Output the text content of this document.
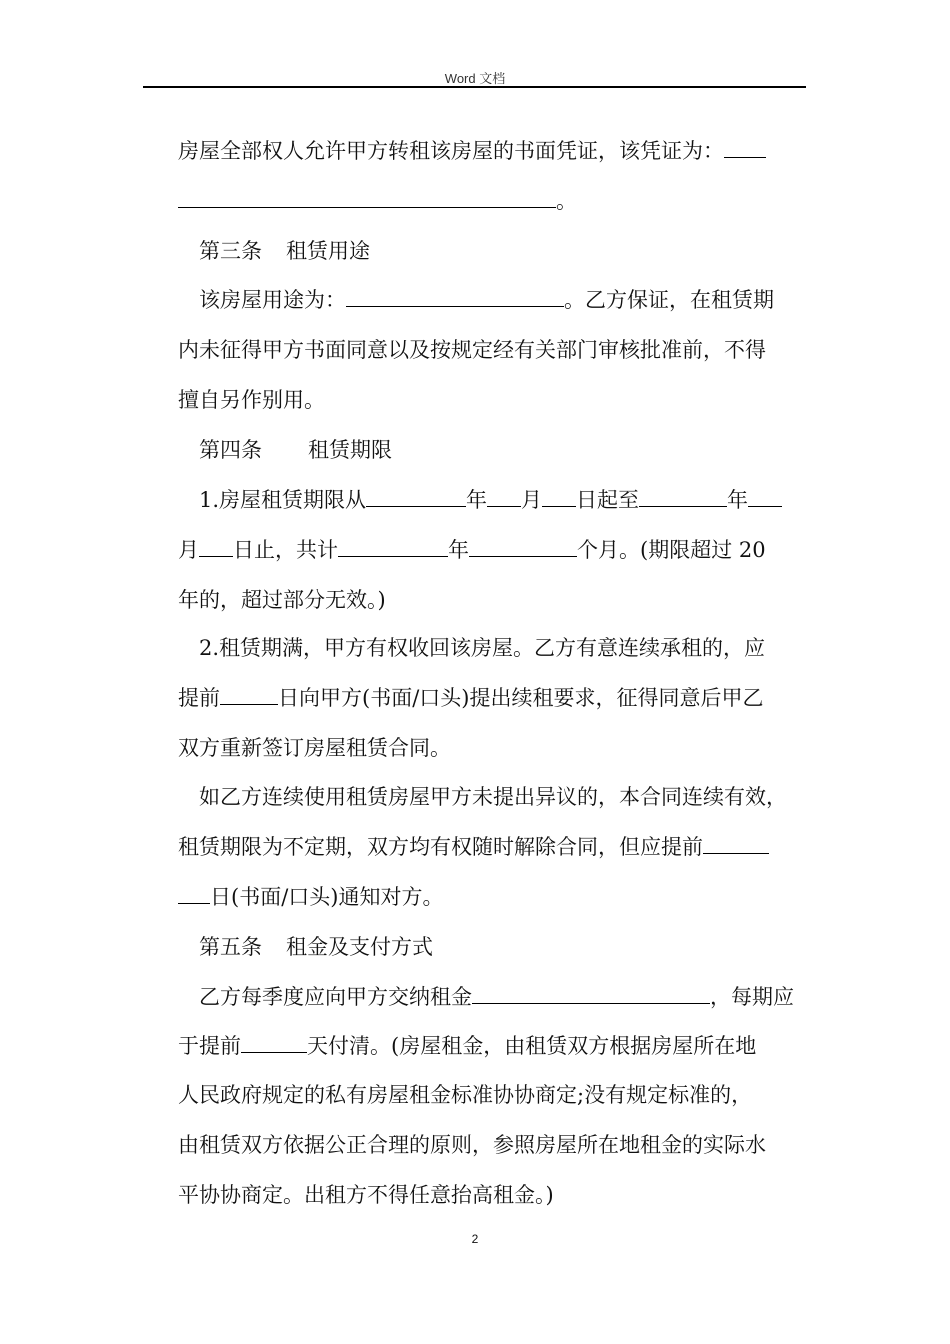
Word 文档
房屋全部权人允许甲方转租该房屋的书面凭证，该凭证为：
。
第三条 租赁用途
该房屋用途为：	。乙方保证，在租赁期
内未征得甲方书面同意以及按规定经有关部门审核批准前，不得
擅自另作别用。
第四条 租赁期限
1.房屋租赁期限从	年 月 日起至	年
月 日止，共计	年	个月。(期限超过 20
年的，超过部分无效。)
2.租赁期满，甲方有权收回该房屋。乙方有意连续承租的，应
提前	日向甲方(书面/口头)提出续租要求，征得同意后甲乙
双方重新签订房屋租赁合同。
如乙方连续使用租赁房屋甲方未提出异议的，本合同连续有效，
租赁期限为不定期，双方均有权随时解除合同，但应提前
日(书面/口头)通知对方。
第五条 租金及支付方式
乙方每季度应向甲方交纳租金	，每期应
于提前	天付清。(房屋租金，由租赁双方根据房屋所在地
人民政府规定的私有房屋租金标准协协商定;没有规定标准的，
由租赁双方依据公正合理的原则，参照房屋所在地租金的实际水
平协协商定。出租方不得任意抬高租金。)
2
